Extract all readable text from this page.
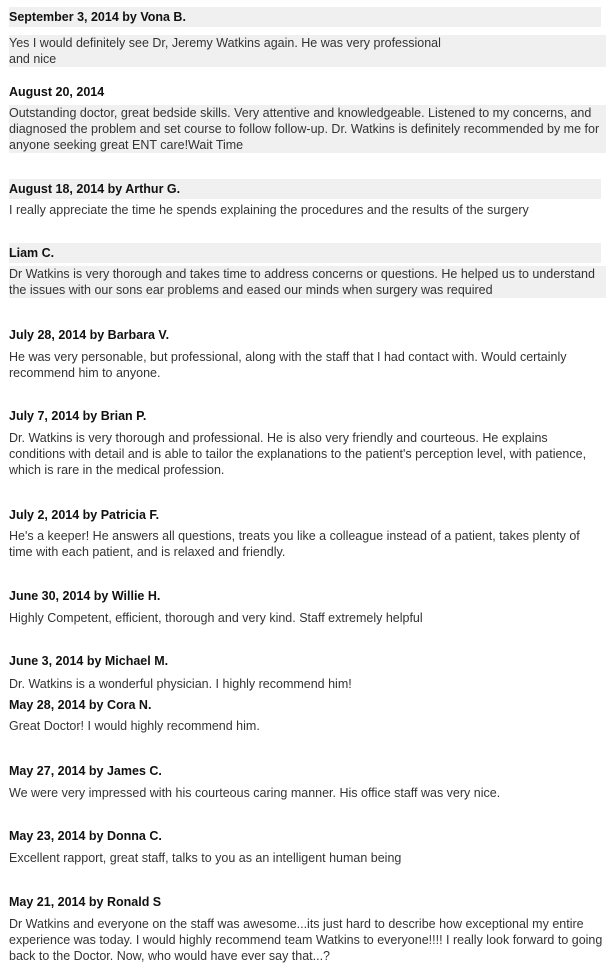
September 3, 2014 by Vona B.
Yes I would definitely see Dr, Jeremy Watkins again. He was very professional
and nice
August 20, 2014
Outstanding doctor, great bedside skills. Very attentive and knowledgeable. Listened to my concerns, and diagnosed the problem and set course to follow follow-up. Dr. Watkins is definitely recommended by me for anyone seeking great ENT care!Wait Time
August 18, 2014 by Arthur G.
I really appreciate the time he spends explaining the procedures and the results of the surgery
Liam C.
Dr Watkins is very thorough and takes time to address concerns or questions. He helped us to understand the issues with our sons ear problems and eased our minds when surgery was required
July 28, 2014 by Barbara V.
He was very personable, but professional, along with the staff that I had contact with. Would certainly recommend him to anyone.
July 7, 2014 by Brian P.
Dr. Watkins is very thorough and professional. He is also very friendly and courteous. He explains conditions with detail and is able to tailor the explanations to the patient's perception level, with patience, which is rare in the medical profession.
July 2, 2014 by Patricia F.
He's a keeper! He answers all questions, treats you like a colleague instead of a patient, takes plenty of time with each patient, and is relaxed and friendly.
June 30, 2014 by Willie H.
Highly Competent, efficient, thorough and very kind. Staff extremely helpful
June 3, 2014 by Michael M.
Dr. Watkins is a wonderful physician. I highly recommend him!
May 28, 2014 by Cora N.
Great Doctor! I would highly recommend him.
May 27, 2014 by James C.
We were very impressed with his courteous caring manner. His office staff was very nice.
May 23, 2014 by Donna C.
Excellent rapport, great staff, talks to you as an intelligent human being
May 21, 2014 by Ronald S
Dr Watkins and everyone on the staff was awesome...its just hard to describe how exceptional my entire experience was today. I would highly recommend team Watkins to everyone!!!! I really look forward to going back to the Doctor. Now, who would have ever say that...?
